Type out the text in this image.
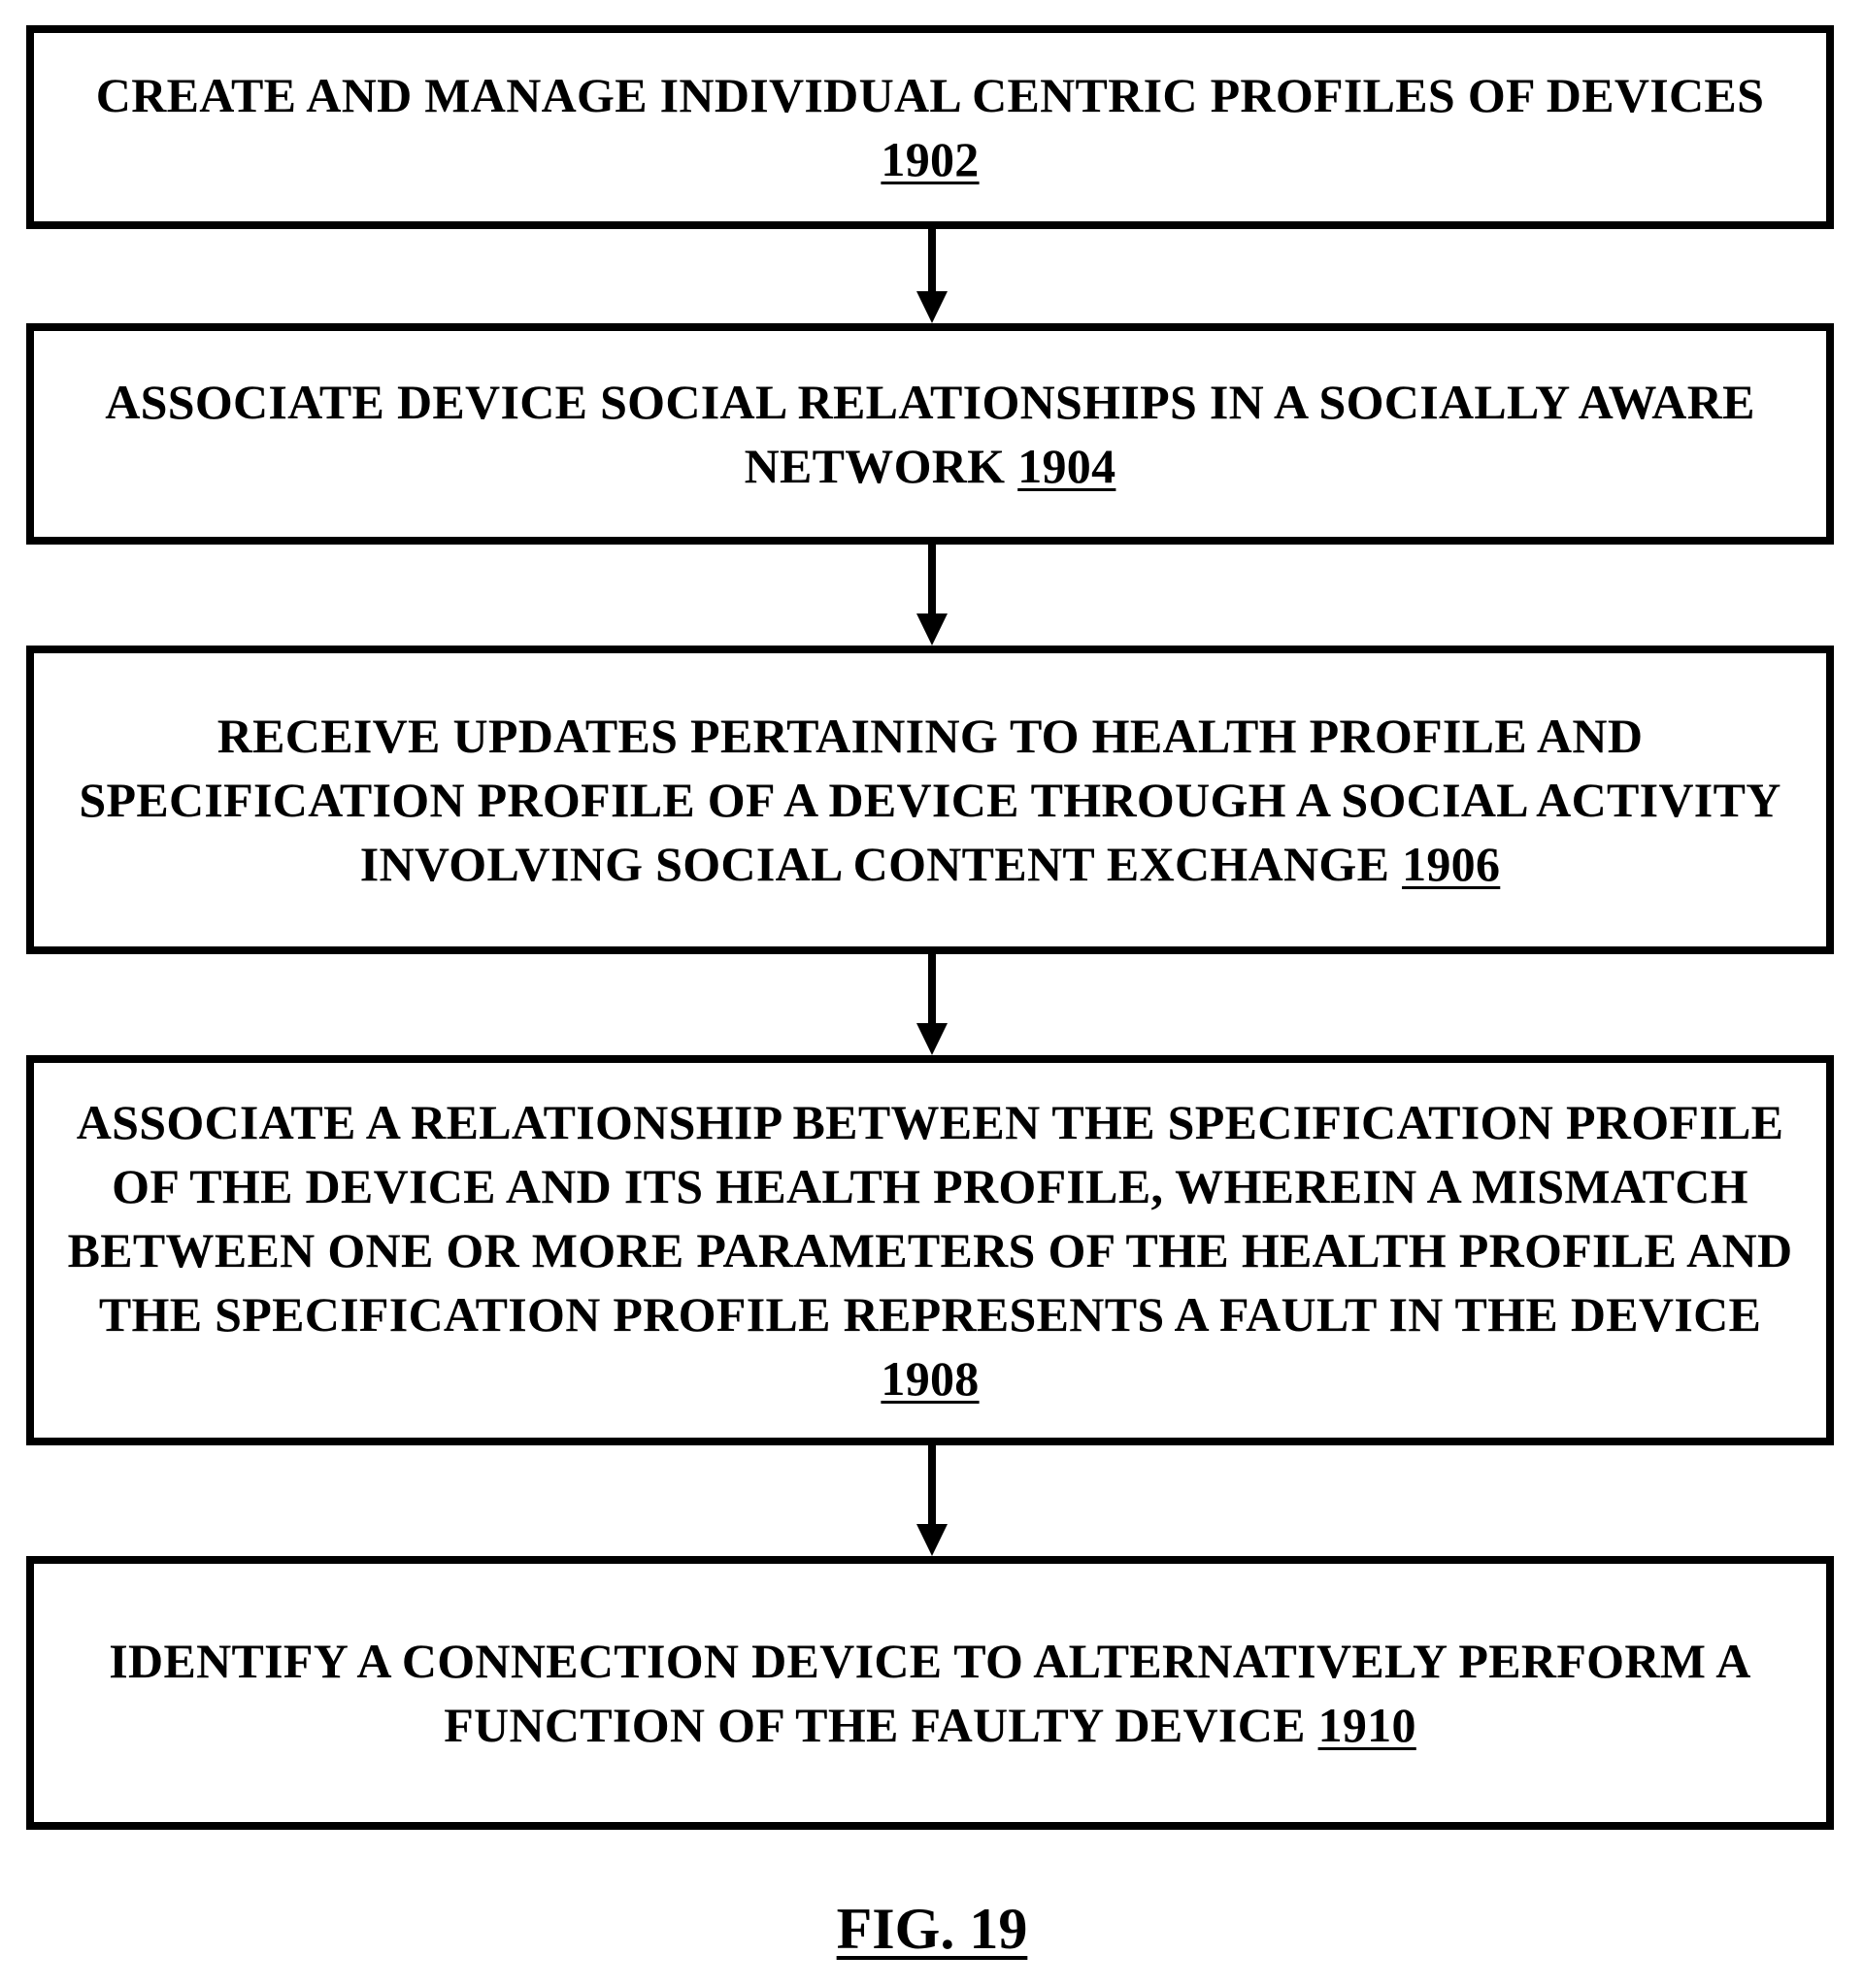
CREATE AND MANAGE INDIVIDUAL CENTRIC PROFILES OF DEVICES 1902
ASSOCIATE DEVICE SOCIAL RELATIONSHIPS IN A SOCIALLY AWARE NETWORK 1904
RECEIVE UPDATES PERTAINING TO HEALTH PROFILE AND SPECIFICATION PROFILE OF A DEVICE THROUGH A SOCIAL ACTIVITY INVOLVING SOCIAL CONTENT EXCHANGE 1906
ASSOCIATE A RELATIONSHIP BETWEEN THE SPECIFICATION PROFILE OF THE DEVICE AND ITS HEALTH PROFILE, WHEREIN A MISMATCH BETWEEN ONE OR MORE PARAMETERS OF THE HEALTH PROFILE AND THE SPECIFICATION PROFILE REPRESENTS A FAULT IN THE DEVICE 1908
IDENTIFY A CONNECTION DEVICE TO ALTERNATIVELY PERFORM A FUNCTION OF THE FAULTY DEVICE 1910
FIG. 19
